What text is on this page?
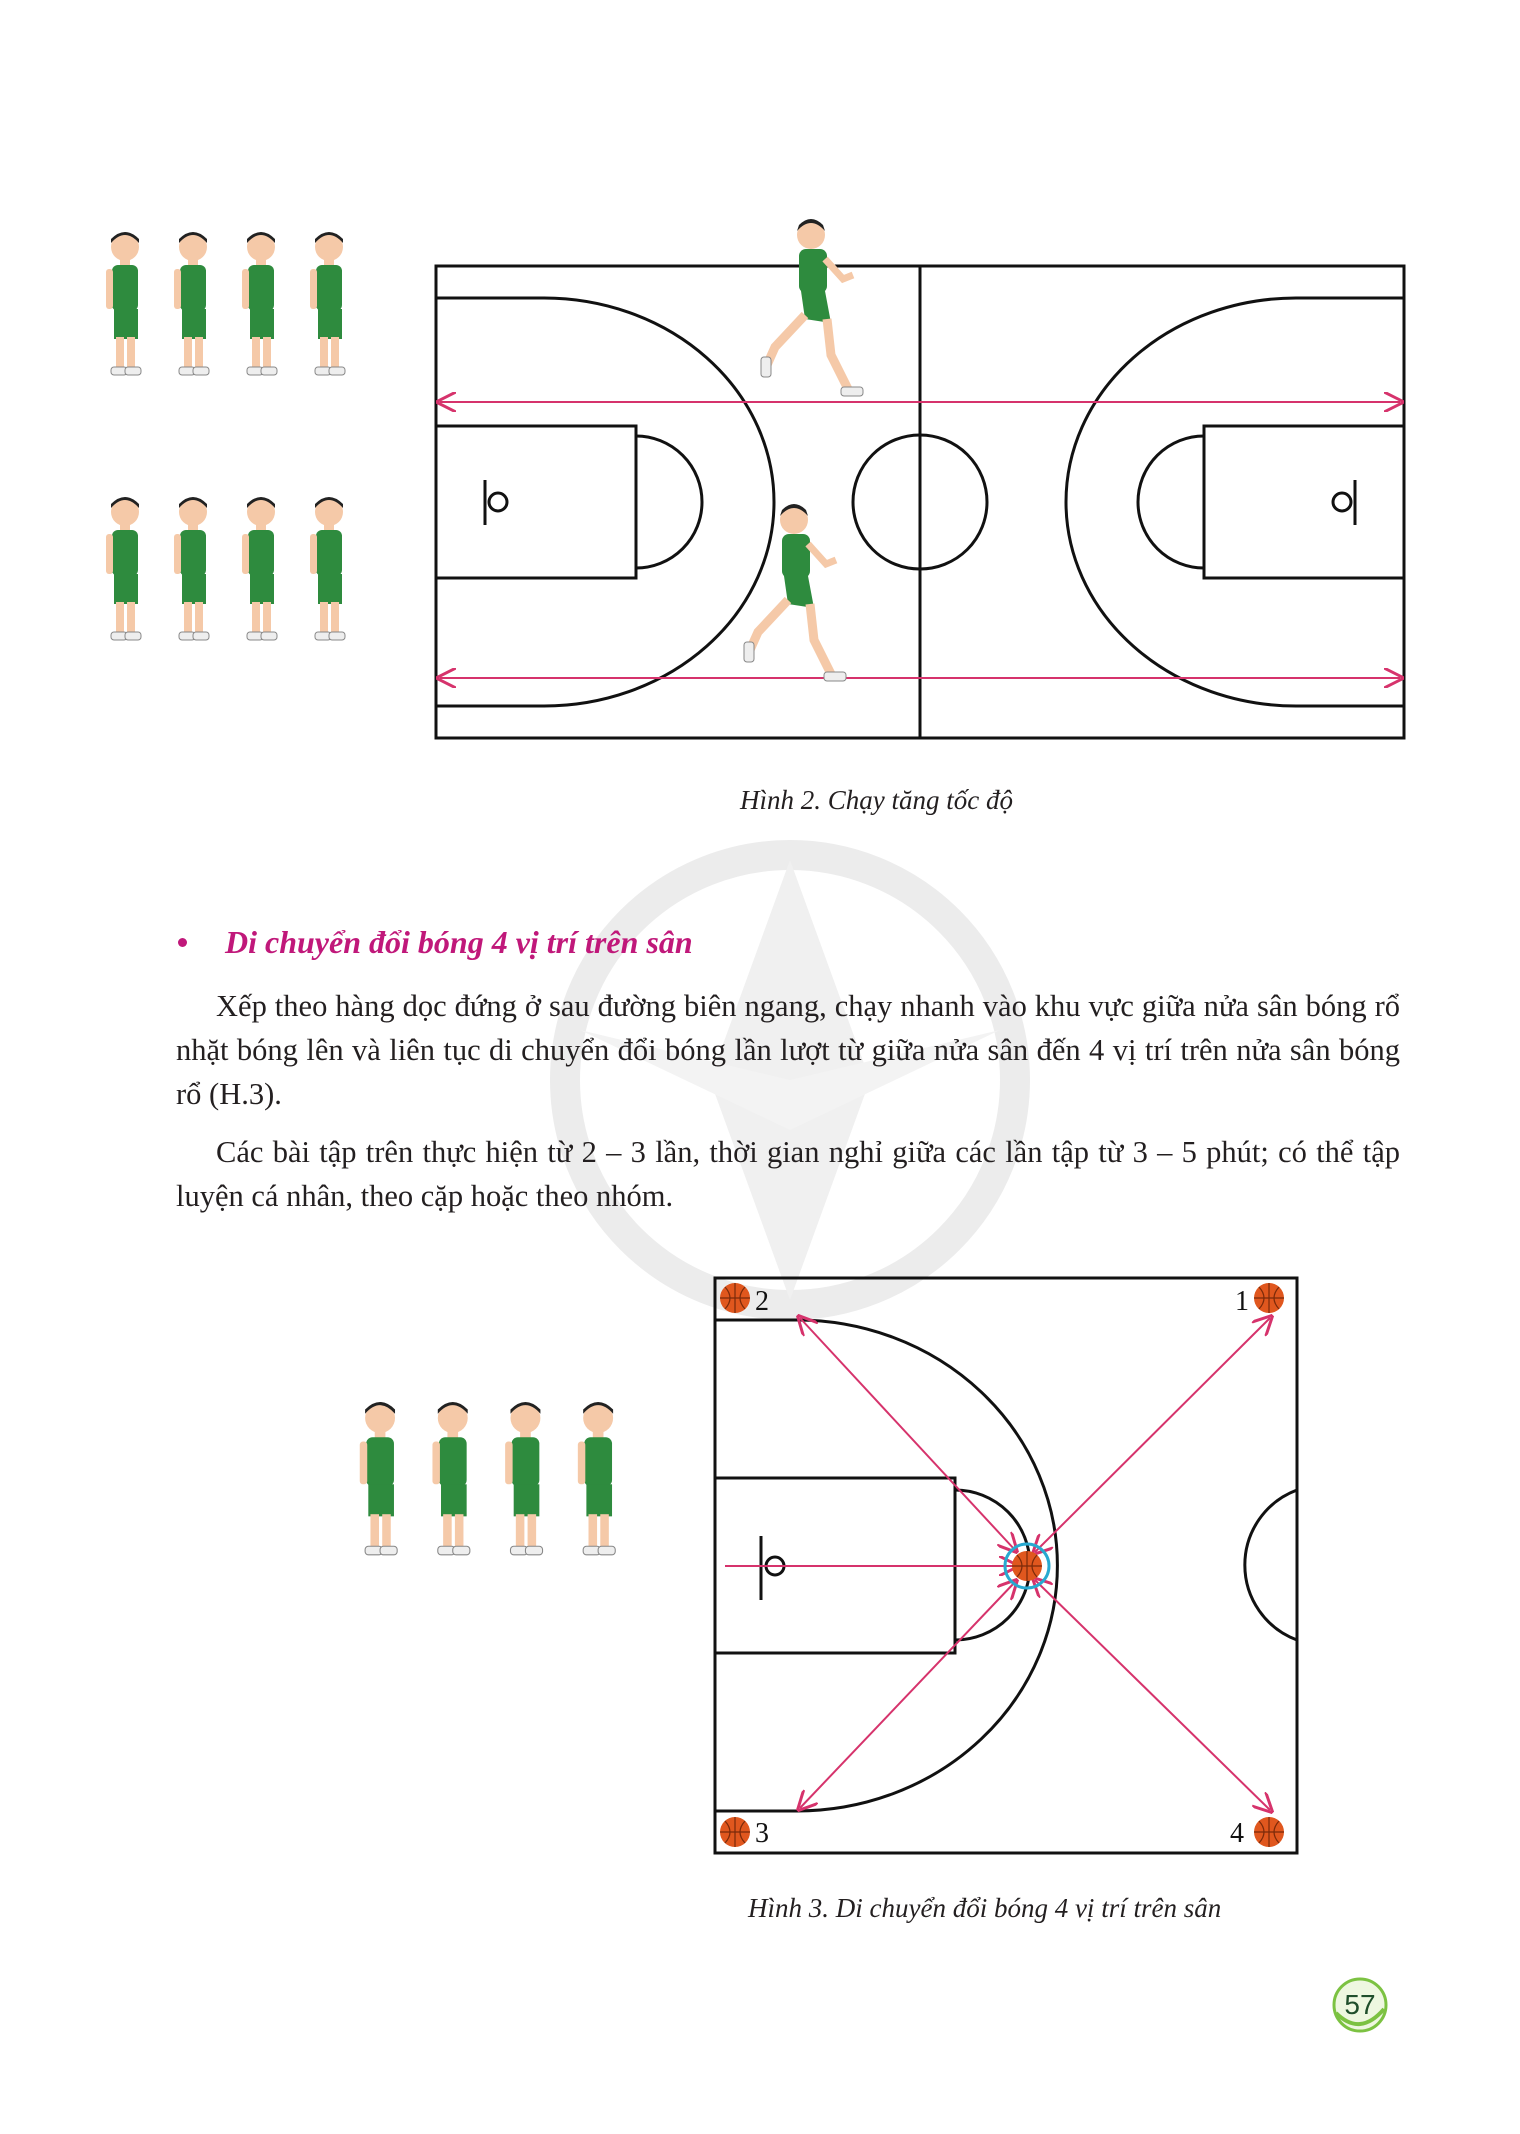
Hình 2. Chạy tăng tốc độ
Di chuyển đổi bóng 4 vị trí trên sân

Xếp theo hàng dọc đứng ở sau đường biên ngang, chạy nhanh vào khu vực giữa nửa sân bóng rổ nhặt bóng lên và liên tục di chuyển đổi bóng lần lượt từ giữa nửa sân đến 4 vị trí trên nửa sân bóng rổ (H.3).

Các bài tập trên thực hiện từ 2 – 3 lần, thời gian nghỉ giữa các lần tập từ 3 – 5 phút; có thể tập luyện cá nhân, theo cặp hoặc theo nhóm.

1
2
3	4
Hình 3. Di chuyển đổi bóng 4 vị trí trên sân
57
